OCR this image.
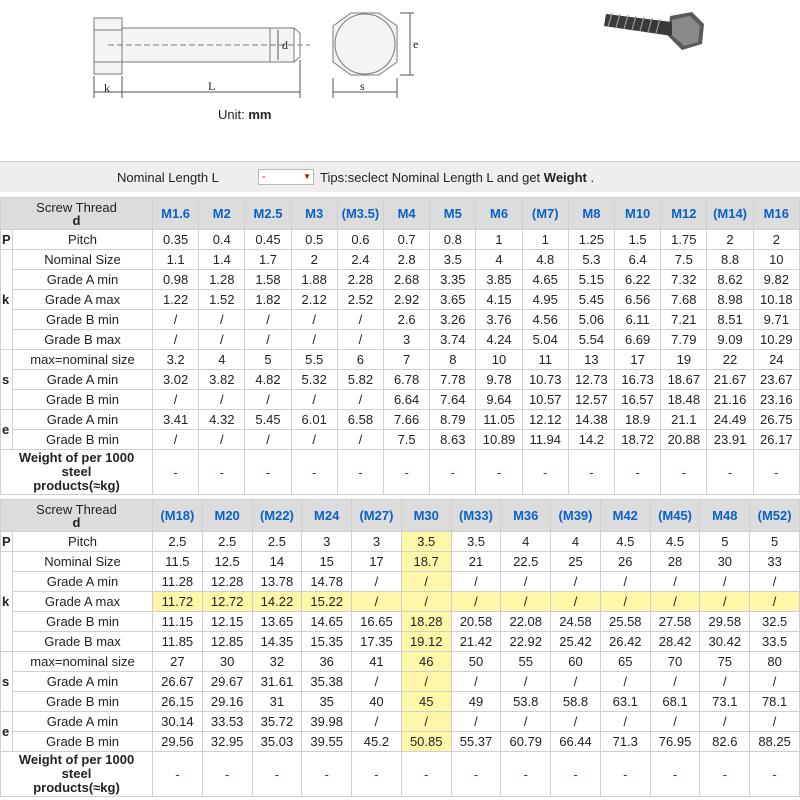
k	L
d
s
e
Unit: mm
Nominal Length L	-	▼ Tips:seclect Nominal Length L and get Weight .
Screw Thread
d		M1.6	M2	M2.5	M3	(M3.5)	M4	M5	M6	(M7)	M8	M10	M12	(M14)	M16
P	Pitch	0.35	0.4	0.45	0.5	0.6	0.7	0.8	1	1	1.25	1.5	1.75	2	2
k	Nominal Size	1.1	1.4	1.7	2	2.4	2.8	3.5	4	4.8	5.3	6.4	7.5	8.8	10
	Grade A min	0.98	1.28	1.58	1.88	2.28	2.68	3.35	3.85	4.65	5.15	6.22	7.32	8.62	9.82
	Grade A max	1.22	1.52	1.82	2.12	2.52	2.92	3.65	4.15	4.95	5.45	6.56	7.68	8.98	10.18
	Grade B min	/	/	/	/	/	2.6	3.26	3.76	4.56	5.06	6.11	7.21	8.51	9.71
	Grade B max	/	/	/	/	/	3	3.74	4.24	5.04	5.54	6.69	7.79	9.09	10.29
s	max=nominal size	3.2	4	5	5.5	6	7	8	10	11	13	17	19	22	24
	Grade A min	3.02	3.82	4.82	5.32	5.82	6.78	7.78	9.78	10.73	12.73	16.73	18.67	21.67	23.67
	Grade B min	/	/	/	/	/	6.64	7.64	9.64	10.57	12.57	16.57	18.48	21.16	23.16
e	Grade A min	3.41	4.32	5.45	6.01	6.58	7.66	8.79	11.05	12.12	14.38	18.9	21.1	24.49	26.75
	Grade B min	/	/	/	/	/	7.5	8.63	10.89	11.94	14.2	18.72	20.88	23.91	26.17

Weight of per 1000
steel
products(≈kg)		-	-	-	-	-	-	-	-	-	-	-	-	-	-
Screw Thread
d		(M18)	M20	(M22)	M24	(M27)	M30	(M33)	M36	(M39)	M42	(M45)	M48	(M52)
P	Pitch	2.5	2.5	2.5	3	3	3.5	3.5	4	4	4.5	4.5	5	5
k	Nominal Size	11.5	12.5	14	15	17	18.7	21	22.5	25	26	28	30	33
	Grade A min	11.28	12.28	13.78	14.78	/	/	/	/	/	/	/	/	/
	Grade A max	11.72	12.72	14.22	15.22	/	/	/	/	/	/	/	/	/
	Grade B min	11.15	12.15	13.65	14.65	16.65	18.28	20.58	22.08	24.58	25.58	27.58	29.58	32.5
	Grade B max	11.85	12.85	14.35	15.35	17.35	19.12	21.42	22.92	25.42	26.42	28.42	30.42	33.5
s	max=nominal size	27	30	32	36	41	46	50	55	60	65	70	75	80
	Grade A min	26.67	29.67	31.61	35.38	/	/	/	/	/	/	/	/	/
	Grade B min	26.15	29.16	31	35	40	45	49	53.8	58.8	63.1	68.1	73.1	78.1
e	Grade A min	30.14	33.53	35.72	39.98	/	/	/	/	/	/	/	/	/
	Grade B min	29.56	32.95	35.03	39.55	45.2	50.85	55.37	60.79	66.44	71.3	76.95	82.6	88.25

Weight of per 1000
steel
products(≈kg)		-	-	-	-	-	-	-	-	-	-	-	-	-
